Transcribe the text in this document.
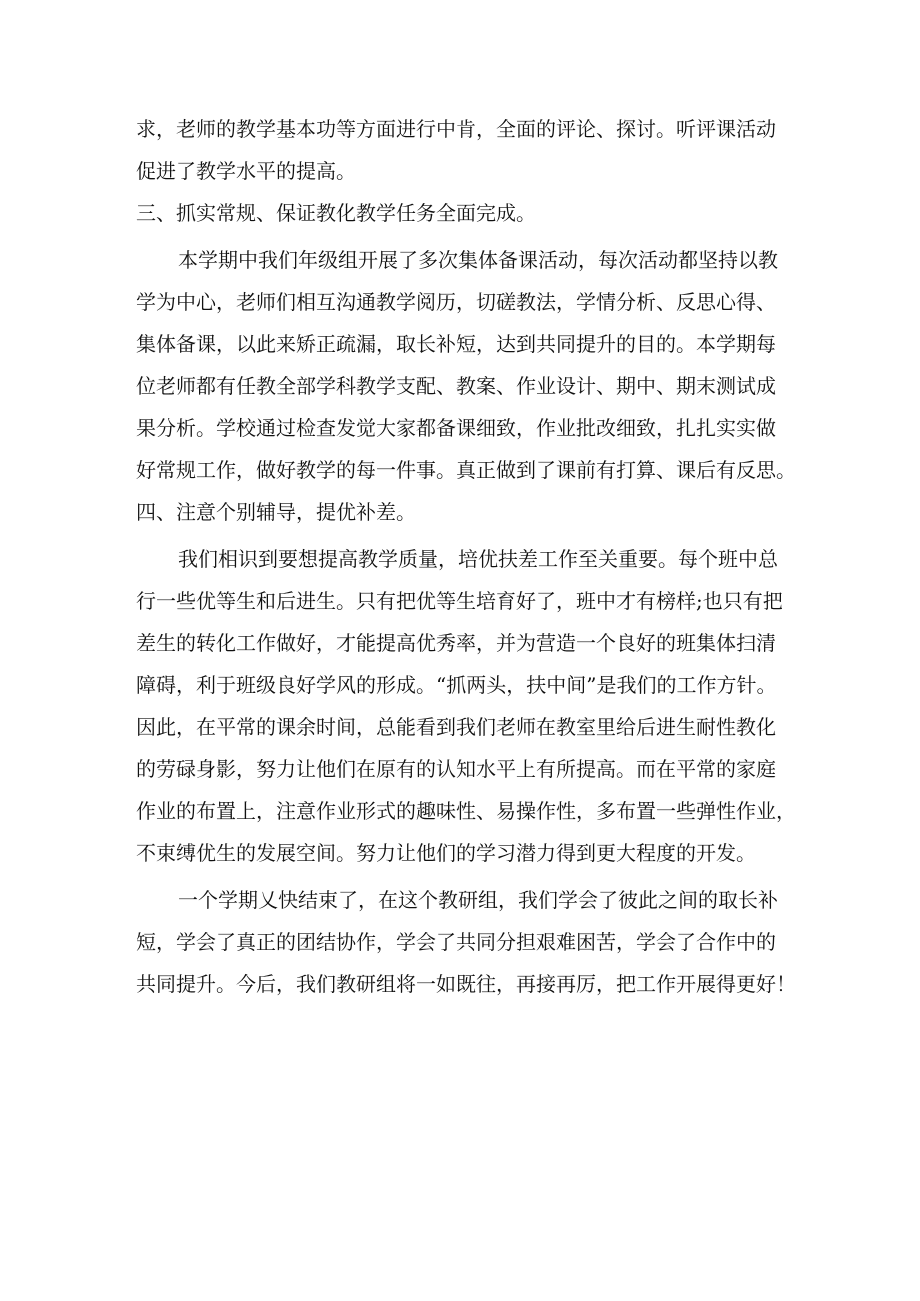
求，老师的教学基本功等方面进行中肯，全面的评论、探讨。听评课活动
促进了教学水平的提高。
三、抓实常规、保证教化教学任务全面完成。
本学期中我们年级组开展了多次集体备课活动，每次活动都坚持以教
学为中心，老师们相互沟通教学阅历，切磋教法，学情分析、反思心得、
集体备课，以此来矫正疏漏，取长补短，达到共同提升的目的。本学期每
位老师都有任教全部学科教学支配、教案、作业设计、期中、期末测试成
果分析。学校通过检查发觉大家都备课细致，作业批改细致，扎扎实实做
好常规工作，做好教学的每一件事。真正做到了课前有打算、课后有反思。
四、注意个别辅导，提优补差。
我们相识到要想提高教学质量，培优扶差工作至关重要。每个班中总
行一些优等生和后进生。只有把优等生培育好了，班中才有榜样;也只有把
差生的转化工作做好，才能提高优秀率，并为营造一个良好的班集体扫清
障碍，利于班级良好学风的形成。“抓两头，扶中间”是我们的工作方针。
因此，在平常的课余时间，总能看到我们老师在教室里给后进生耐性教化
的劳碌身影，努力让他们在原有的认知水平上有所提高。而在平常的家庭
作业的布置上，注意作业形式的趣味性、易操作性，多布置一些弹性作业，
不束缚优生的发展空间。努力让他们的学习潜力得到更大程度的开发。
一个学期乂快结束了，在这个教研组，我们学会了彼此之间的取长补
短，学会了真正的团结协作，学会了共同分担艰难困苦，学会了合作中的
共同提升。今后，我们教研组将一如既往，再接再厉，把工作开展得更好！
